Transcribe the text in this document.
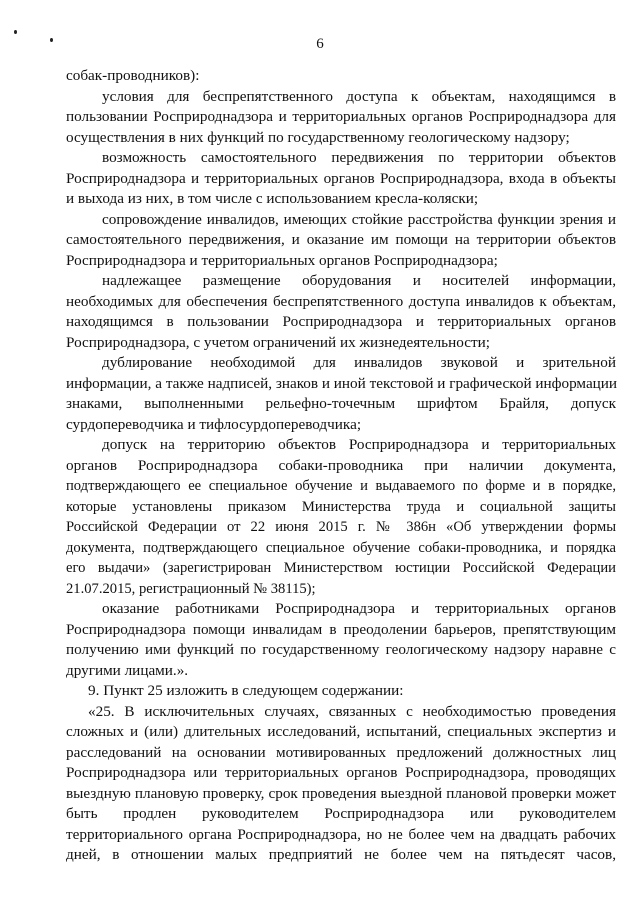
6
собак-проводников):
условия для беспрепятственного доступа к объектам, находящимся в
пользовании Росприроднадзора и территориальных органов Росприроднадзора для
осуществления в них функций по государственному геологическому надзору;
возможность самостоятельного передвижения по территории объектов
Росприроднадзора и территориальных органов Росприроднадзора, входа в объекты
и выхода из них, в том числе с использованием кресла-коляски;
сопровождение инвалидов, имеющих стойкие расстройства функции зрения и
самостоятельного передвижения, и оказание им помощи на территории объектов
Росприроднадзора и территориальных органов Росприроднадзора;
надлежащее размещение оборудования и носителей информации,
необходимых для обеспечения беспрепятственного доступа инвалидов к объектам,
находящимся в пользовании Росприроднадзора и территориальных органов
Росприроднадзора, с учетом ограничений их жизнедеятельности;
дублирование необходимой для инвалидов звуковой и зрительной
информации, а также надписей, знаков и иной текстовой и графической информации
знаками, выполненными рельефно-точечным шрифтом Брайля, допуск
сурдопереводчика и тифлосурдопереводчика;
допуск на территорию объектов Росприроднадзора и территориальных
органов Росприроднадзора собаки-проводника при наличии документа,
подтверждающего ее специальное обучение и выдаваемого по форме и в порядке,
которые установлены приказом Министерства труда и социальной защиты
Российской Федерации от 22 июня 2015 г. № 386н «Об утверждении формы
документа, подтверждающего специальное обучение собаки-проводника, и порядка
его выдачи» (зарегистрирован Министерством юстиции Российской Федерации
21.07.2015, регистрационный № 38115);
оказание работниками Росприроднадзора и территориальных органов
Росприроднадзора помощи инвалидам в преодолении барьеров, препятствующим
получению ими функций по государственному геологическому надзору наравне с
другими лицами.».
9. Пункт 25 изложить в следующем содержании:
«25. В исключительных случаях, связанных с необходимостью проведения
сложных и (или) длительных исследований, испытаний, специальных экспертиз и
расследований на основании мотивированных предложений должностных лиц
Росприроднадзора или территориальных органов Росприроднадзора, проводящих
выездную плановую проверку, срок проведения выездной плановой проверки может
быть продлен руководителем Росприроднадзора или руководителем
территориального органа Росприроднадзора, но не более чем на двадцать рабочих
дней, в отношении малых предприятий не более чем на пятьдесят часов,
